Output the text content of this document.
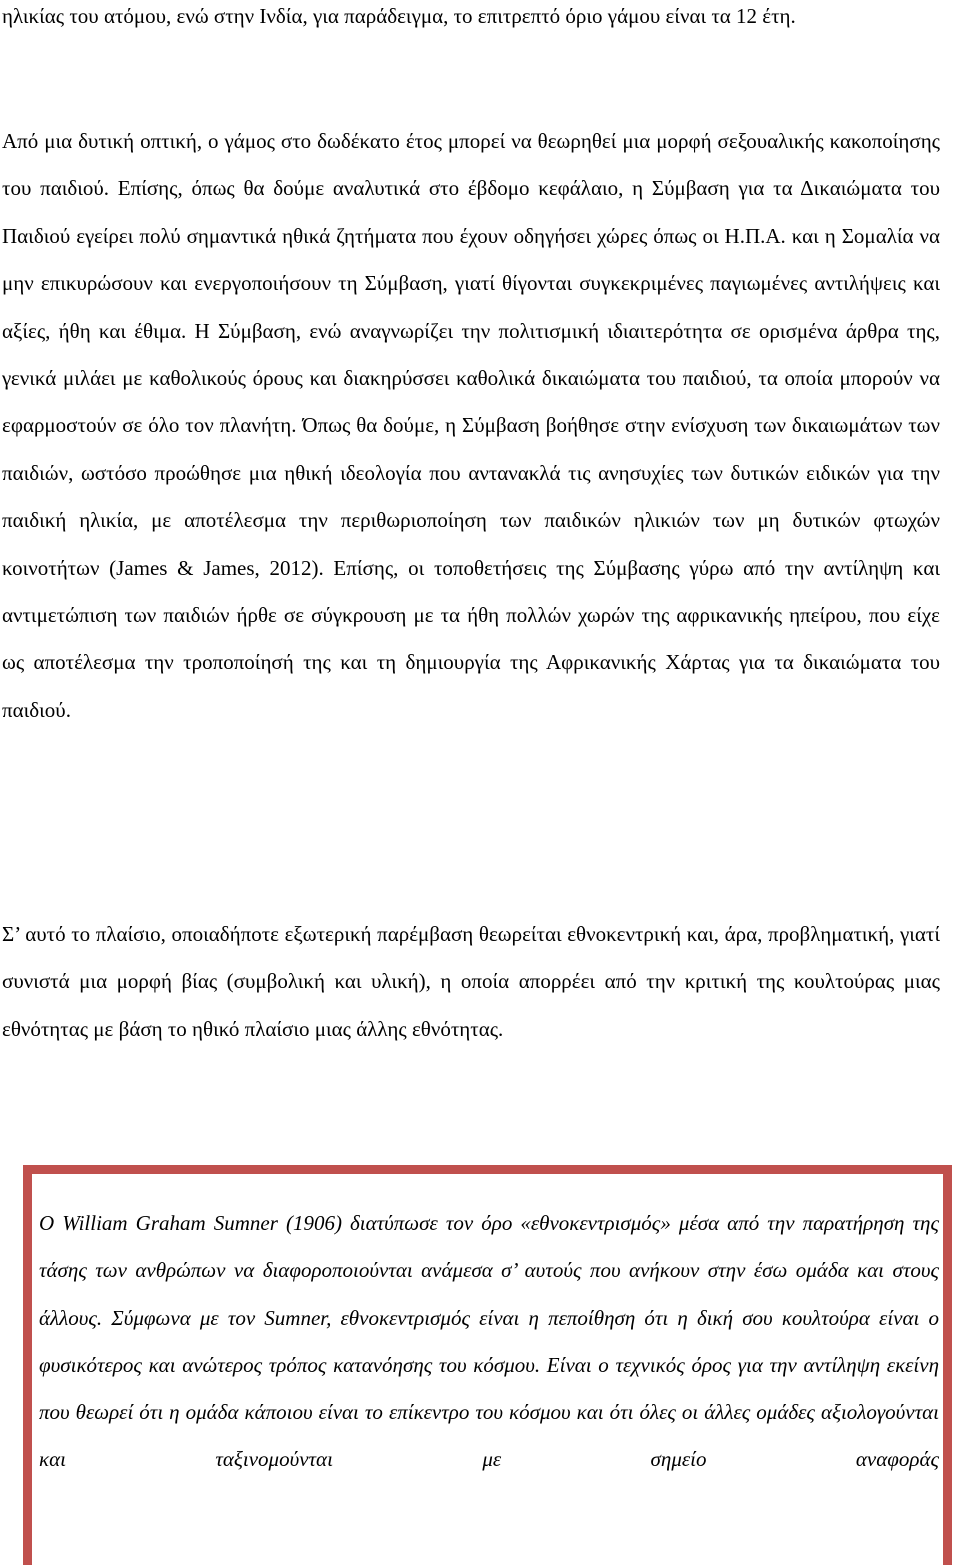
ηλικίας του ατόμου, ενώ στην Ινδία, για παράδειγμα, το επιτρεπτό όριο γάμου είναι τα 12 έτη.

Από μια δυτική οπτική, ο γάμος στο δωδέκατο έτος μπορεί να θεωρηθεί μια μορφή σεξουαλικής κακοποίησης του παιδιού. Επίσης, όπως θα δούμε αναλυτικά στο έβδομο κεφάλαιο, η Σύμβαση για τα Δικαιώματα του Παιδιού εγείρει πολύ σημαντικά ηθικά ζητήματα που έχουν οδηγήσει χώρες όπως οι Η.Π.Α. και η Σομαλία να μην επικυρώσουν και ενεργοποιήσουν τη Σύμβαση, γιατί θίγονται συγκεκριμένες παγιωμένες αντιλήψεις και αξίες, ήθη και έθιμα. Η Σύμβαση, ενώ αναγνωρίζει την πολιτισμική ιδιαιτερότητα σε ορισμένα άρθρα της, γενικά μιλάει με καθολικούς όρους και διακηρύσσει καθολικά δικαιώματα του παιδιού, τα οποία μπορούν να εφαρμοστούν σε όλο τον πλανήτη. Όπως θα δούμε, η Σύμβαση βοήθησε στην ενίσχυση των δικαιωμάτων των παιδιών, ωστόσο προώθησε μια ηθική ιδεολογία που αντανακλά τις ανησυχίες των δυτικών ειδικών για την παιδική ηλικία, με αποτέλεσμα την περιθωριοποίηση των παιδικών ηλικιών των μη δυτικών φτωχών κοινοτήτων (James & James, 2012). Επίσης, οι τοποθετήσεις της Σύμβασης γύρω από την αντίληψη και αντιμετώπιση των παιδιών ήρθε σε σύγκρουση με τα ήθη πολλών χωρών της αφρικανικής ηπείρου, που είχε ως αποτέλεσμα την τροποποίησή της και τη δημιουργία της Αφρικανικής Χάρτας για τα δικαιώματα του παιδιού.

Σ’ αυτό το πλαίσιο, οποιαδήποτε εξωτερική παρέμβαση θεωρείται εθνοκεντρική και, άρα, προβληματική, γιατί συνιστά μια μορφή βίας (συμβολική και υλική), η οποία απορρέει από την κριτική της κουλτούρας μιας εθνότητας με βάση το ηθικό πλαίσιο μιας άλλης εθνότητας.

Ο William Graham Sumner (1906) διατύπωσε τον όρο «εθνοκεντρισμός» μέσα από την παρατήρηση της τάσης των ανθρώπων να διαφοροποιούνται ανάμεσα σ’ αυτούς που ανήκουν στην έσω ομάδα και στους άλλους. Σύμφωνα με τον Sumner, εθνοκεντρισμός είναι η πεποίθηση ότι η δική σου κουλτούρα είναι ο φυσικότερος και ανώτερος τρόπος κατανόησης του κόσμου. Είναι ο τεχνικός όρος για την αντίληψη εκείνη που θεωρεί ότι η ομάδα κάποιου είναι το επίκεντρο του κόσμου και ότι όλες οι άλλες ομάδες αξιολογούνται και ταξινομούνται με σημείο αναφοράς
